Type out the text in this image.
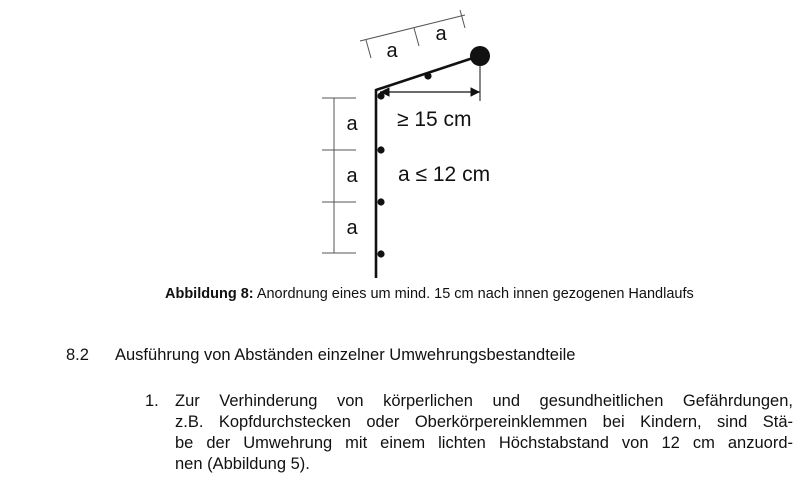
a
a
≥ 15 cm
a ≤ 12 cm
a
a
a
Abbildung 8: Anordnung eines um mind. 15 cm nach innen gezogenen Handlaufs
8.2 Ausführung von Abständen einzelner Umwehrungsbestandteile
1. Zur Verhinderung von körperlichen und gesundheitlichen Gefährdungen,
z.B. Kopfdurchstecken oder Oberkörpereinklemmen bei Kindern, sind Stä-
be der Umwehrung mit einem lichten Höchstabstand von 12 cm anzuord-
nen (Abbildung 5).
